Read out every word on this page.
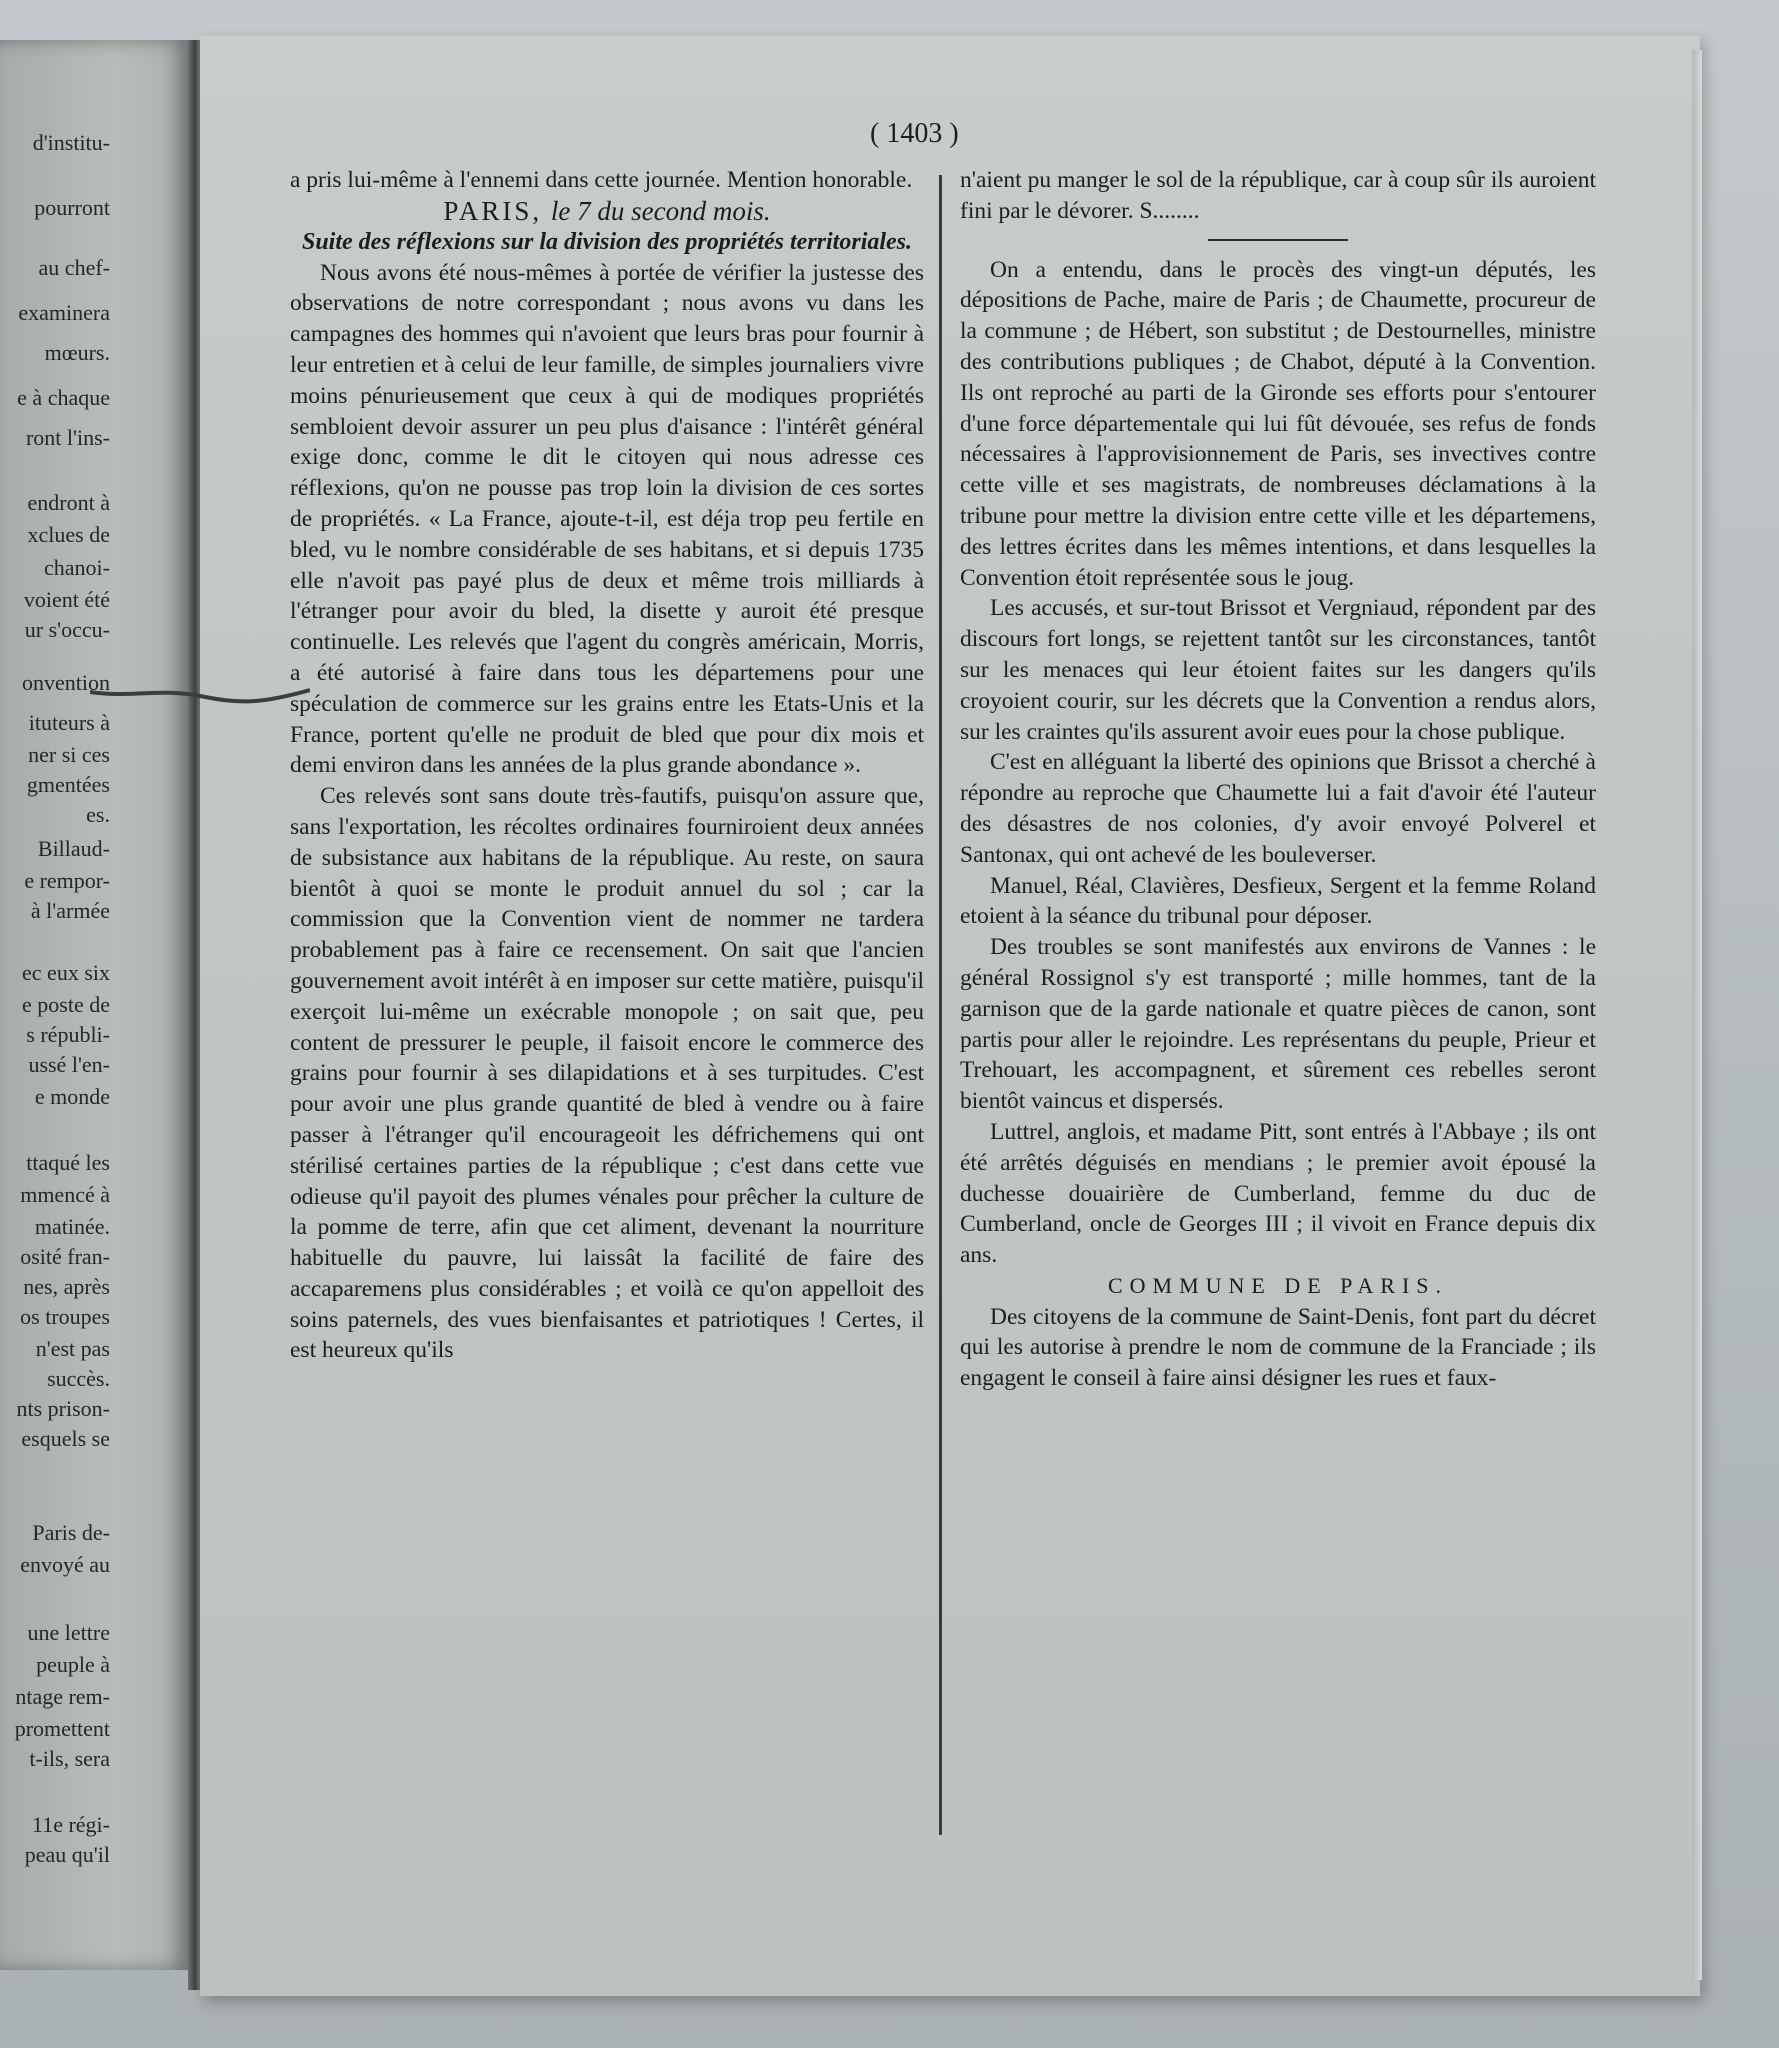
d'institu-
pourront
au chef-
examinera
mœurs.
e à chaque
ront l'ins-
endront à
xclues de
chanoi-
voient été
ur s'occu-
onvention
ituteurs à
ner si ces
gmentées
es.
Billaud-
e rempor-
à l'armée
ec eux six
e poste de
s républi-
ussé l'en-
e monde
ttaqué les
mmencé à
matinée.
osité fran-
nes, après
os troupes
n'est pas
succès.
nts prison-
esquels se
Paris de-
envoyé au
une lettre
peuple à
ntage rem-
promettent
t-ils, sera
11e régi-
peau qu'il
( 1403 )

a pris lui-même à l'ennemi dans cette journée. Mention honorable.

PARIS, le 7 du second mois.

Suite des réflexions sur la division des propriétés territoriales.

Nous avons été nous-mêmes à portée de vérifier la justesse des observations de notre correspondant ; nous avons vu dans les campagnes des hommes qui n'avoient que leurs bras pour fournir à leur entretien et à celui de leur famille, de simples journaliers vivre moins pénurieusement que ceux à qui de modiques propriétés sembloient devoir assurer un peu plus d'aisance : l'intérêt général exige donc, comme le dit le citoyen qui nous adresse ces réflexions, qu'on ne pousse pas trop loin la division de ces sortes de propriétés. « La France, ajoute-t-il, est déja trop peu fertile en bled, vu le nombre considérable de ses habitans, et si depuis 1735 elle n'avoit pas payé plus de deux et même trois milliards à l'étranger pour avoir du bled, la disette y auroit été presque continuelle. Les relevés que l'agent du congrès américain, Morris, a été autorisé à faire dans tous les départemens pour une spéculation de commerce sur les grains entre les Etats-Unis et la France, portent qu'elle ne produit de bled que pour dix mois et demi environ dans les années de la plus grande abondance ».

Ces relevés sont sans doute très-fautifs, puisqu'on assure que, sans l'exportation, les récoltes ordinaires fourniroient deux années de subsistance aux habitans de la république. Au reste, on saura bientôt à quoi se monte le produit annuel du sol ; car la commission que la Convention vient de nommer ne tardera probablement pas à faire ce recensement. On sait que l'ancien gouvernement avoit intérêt à en imposer sur cette matière, puisqu'il exerçoit lui-même un exécrable monopole ; on sait que, peu content de pressurer le peuple, il faisoit encore le commerce des grains pour fournir à ses dilapidations et à ses turpitudes. C'est pour avoir une plus grande quantité de bled à vendre ou à faire passer à l'étranger qu'il encourageoit les défrichemens qui ont stérilisé certaines parties de la république ; c'est dans cette vue odieuse qu'il payoit des plumes vénales pour prêcher la culture de la pomme de terre, afin que cet aliment, devenant la nourriture habituelle du pauvre, lui laissât la facilité de faire des accaparemens plus considérables ; et voilà ce qu'on appelloit des soins paternels, des vues bienfaisantes et patriotiques ! Certes, il est heureux qu'ils

n'aient pu manger le sol de la république, car à coup sûr ils auroient fini par le dévorer. S........

On a entendu, dans le procès des vingt-un députés, les dépositions de Pache, maire de Paris ; de Chaumette, procureur de la commune ; de Hébert, son substitut ; de Destournelles, ministre des contributions publiques ; de Chabot, député à la Convention. Ils ont reproché au parti de la Gironde ses efforts pour s'entourer d'une force départementale qui lui fût dévouée, ses refus de fonds nécessaires à l'approvisionnement de Paris, ses invectives contre cette ville et ses magistrats, de nombreuses déclamations à la tribune pour mettre la division entre cette ville et les départemens, des lettres écrites dans les mêmes intentions, et dans lesquelles la Convention étoit représentée sous le joug.

Les accusés, et sur-tout Brissot et Vergniaud, répondent par des discours fort longs, se rejettent tantôt sur les circonstances, tantôt sur les menaces qui leur étoient faites sur les dangers qu'ils croyoient courir, sur les décrets que la Convention a rendus alors, sur les craintes qu'ils assurent avoir eues pour la chose publique.

C'est en alléguant la liberté des opinions que Brissot a cherché à répondre au reproche que Chaumette lui a fait d'avoir été l'auteur des désastres de nos colonies, d'y avoir envoyé Polverel et Santonax, qui ont achevé de les bouleverser.

Manuel, Réal, Clavières, Desfieux, Sergent et la femme Roland etoient à la séance du tribunal pour déposer.

Des troubles se sont manifestés aux environs de Vannes : le général Rossignol s'y est transporté ; mille hommes, tant de la garnison que de la garde nationale et quatre pièces de canon, sont partis pour aller le rejoindre. Les représentans du peuple, Prieur et Trehouart, les accompagnent, et sûrement ces rebelles seront bientôt vaincus et dispersés.

Luttrel, anglois, et madame Pitt, sont entrés à l'Abbaye ; ils ont été arrêtés déguisés en mendians ; le premier avoit épousé la duchesse douairière de Cumberland, femme du duc de Cumberland, oncle de Georges III ; il vivoit en France depuis dix ans.

COMMUNE DE PARIS.

Des citoyens de la commune de Saint-Denis, font part du décret qui les autorise à prendre le nom de commune de la Franciade ; ils engagent le conseil à faire ainsi désigner les rues et faux-
